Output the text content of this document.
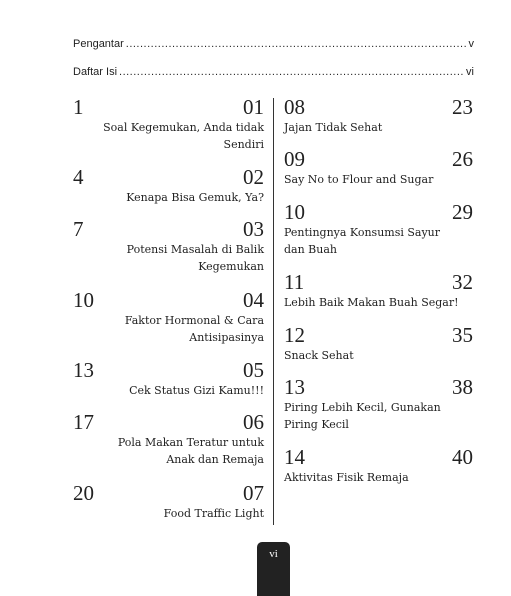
Pengantar .....	v
Daftar Isi .....	vi
1	01
Soal Kegemukan, Anda tidak Sendiri
4	02
Kenapa Bisa Gemuk, Ya?
7	03
Potensi Masalah di Balik Kegemukan
10	04
Faktor Hormonal & Cara Antisipasinya
13	05
Cek Status Gizi Kamu!!!
17	06
Pola Makan Teratur untuk Anak dan Remaja
20	07
Food Traffic Light
08	23
Jajan Tidak Sehat
09	26
Say No to Flour and Sugar
10	29
Pentingnya Konsumsi Sayur dan Buah
11	32
Lebih Baik Makan Buah Segar!
12	35
Snack Sehat
13	38
Piring Lebih Kecil, Gunakan Piring Kecil
14	40
Aktivitas Fisik Remaja
vi
